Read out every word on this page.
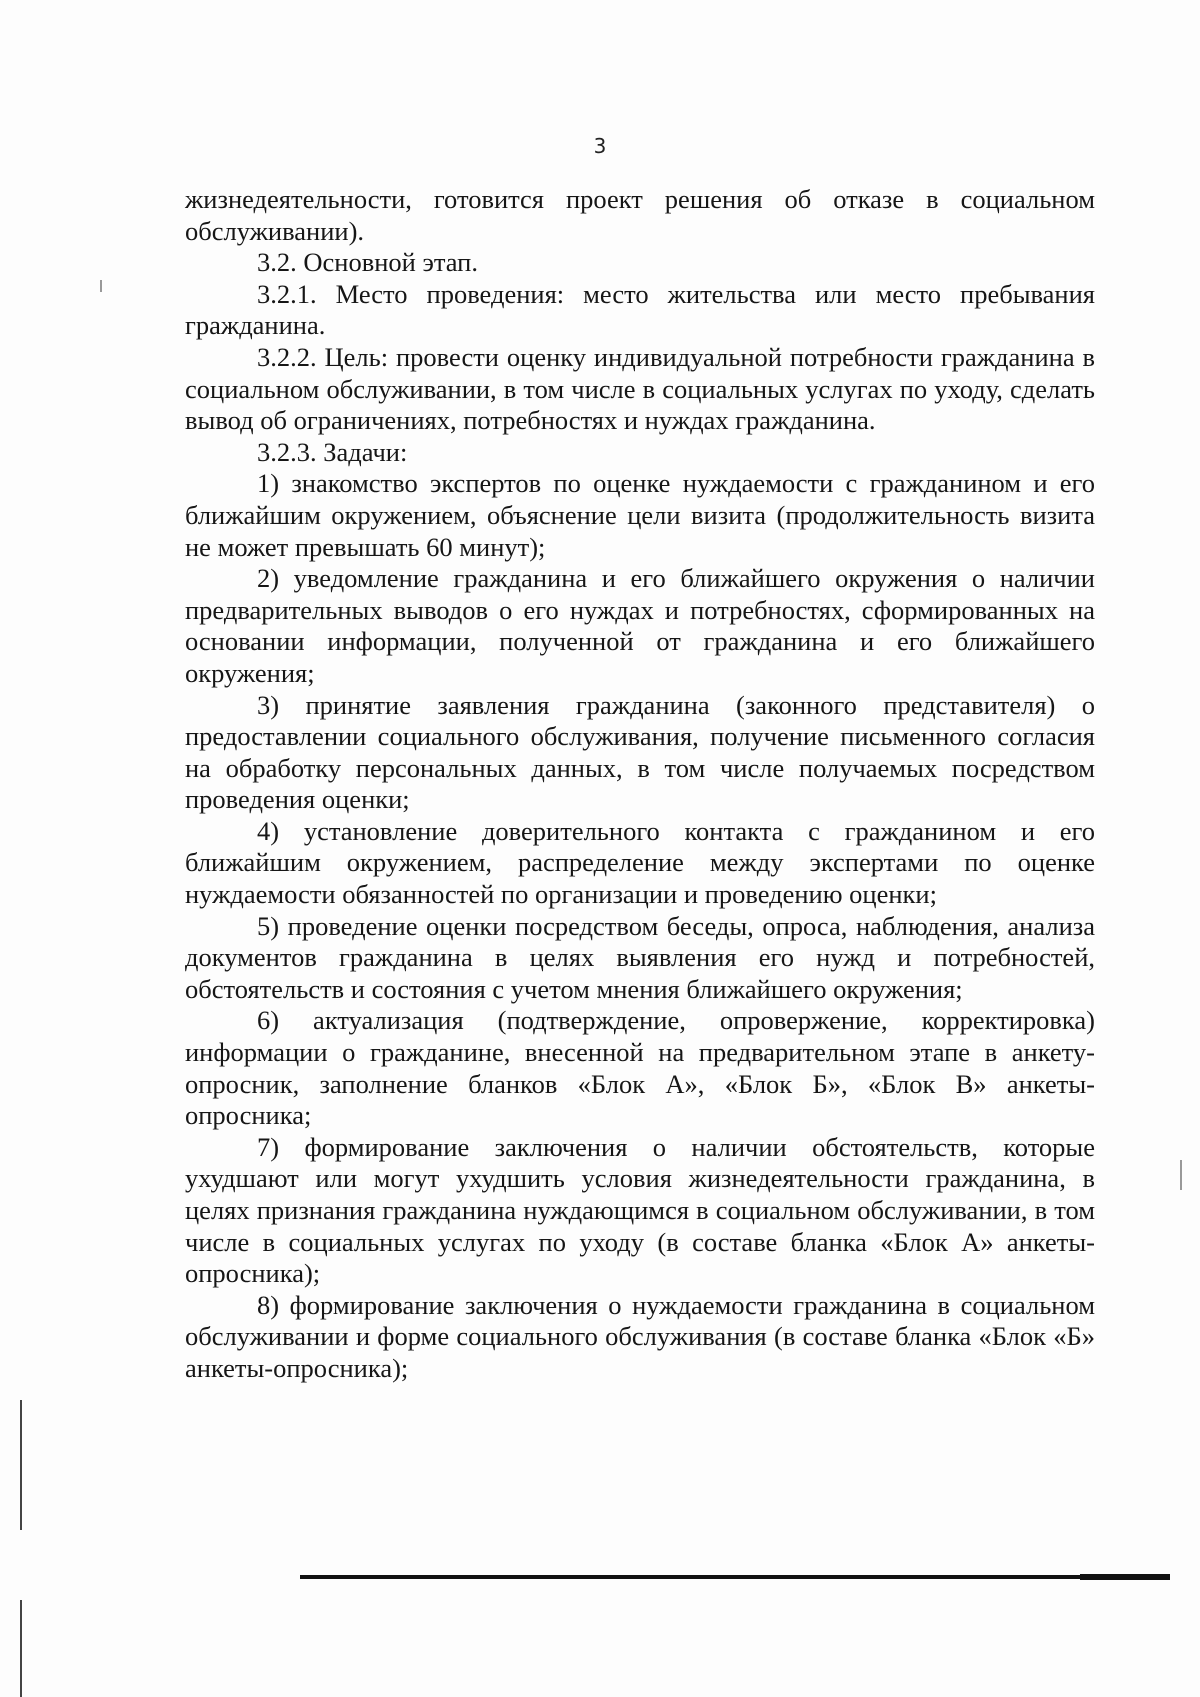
3

жизнедеятельности, готовится проект решения об отказе в социальном обслуживании).

3.2. Основной этап.

3.2.1. Место проведения: место жительства или место пребывания гражданина.

3.2.2. Цель: провести оценку индивидуальной потребности гражданина в социальном обслуживании, в том числе в социальных услугах по уходу, сделать вывод об ограничениях, потребностях и нуждах гражданина.

3.2.3. Задачи:

1) знакомство экспертов по оценке нуждаемости с гражданином и его ближайшим окружением, объяснение цели визита (продолжительность визита не может превышать 60 минут);

2) уведомление гражданина и его ближайшего окружения о наличии предварительных выводов о его нуждах и потребностях, сформированных на основании информации, полученной от гражданина и его ближайшего окружения;

3) принятие заявления гражданина (законного представителя) о предоставлении социального обслуживания, получение письменного согласия на обработку персональных данных, в том числе получаемых посредством проведения оценки;

4) установление доверительного контакта с гражданином и его ближайшим окружением, распределение между экспертами по оценке нуждаемости обязанностей по организации и проведению оценки;

5) проведение оценки посредством беседы, опроса, наблюдения, анализа документов гражданина в целях выявления его нужд и потребностей, обстоятельств и состояния с учетом мнения ближайшего окружения;

6) актуализация (подтверждение, опровержение, корректировка) информации о гражданине, внесенной на предварительном этапе в анкету-опросник, заполнение бланков «Блок А», «Блок Б», «Блок В» анкеты-опросника;

7) формирование заключения о наличии обстоятельств, которые ухудшают или могут ухудшить условия жизнедеятельности гражданина, в целях признания гражданина нуждающимся в социальном обслуживании, в том числе в социальных услугах по уходу (в составе бланка «Блок А» анкеты-опросника);

8) формирование заключения о нуждаемости гражданина в социальном обслуживании и форме социального обслуживания (в составе бланка «Блок «Б» анкеты-опросника);
